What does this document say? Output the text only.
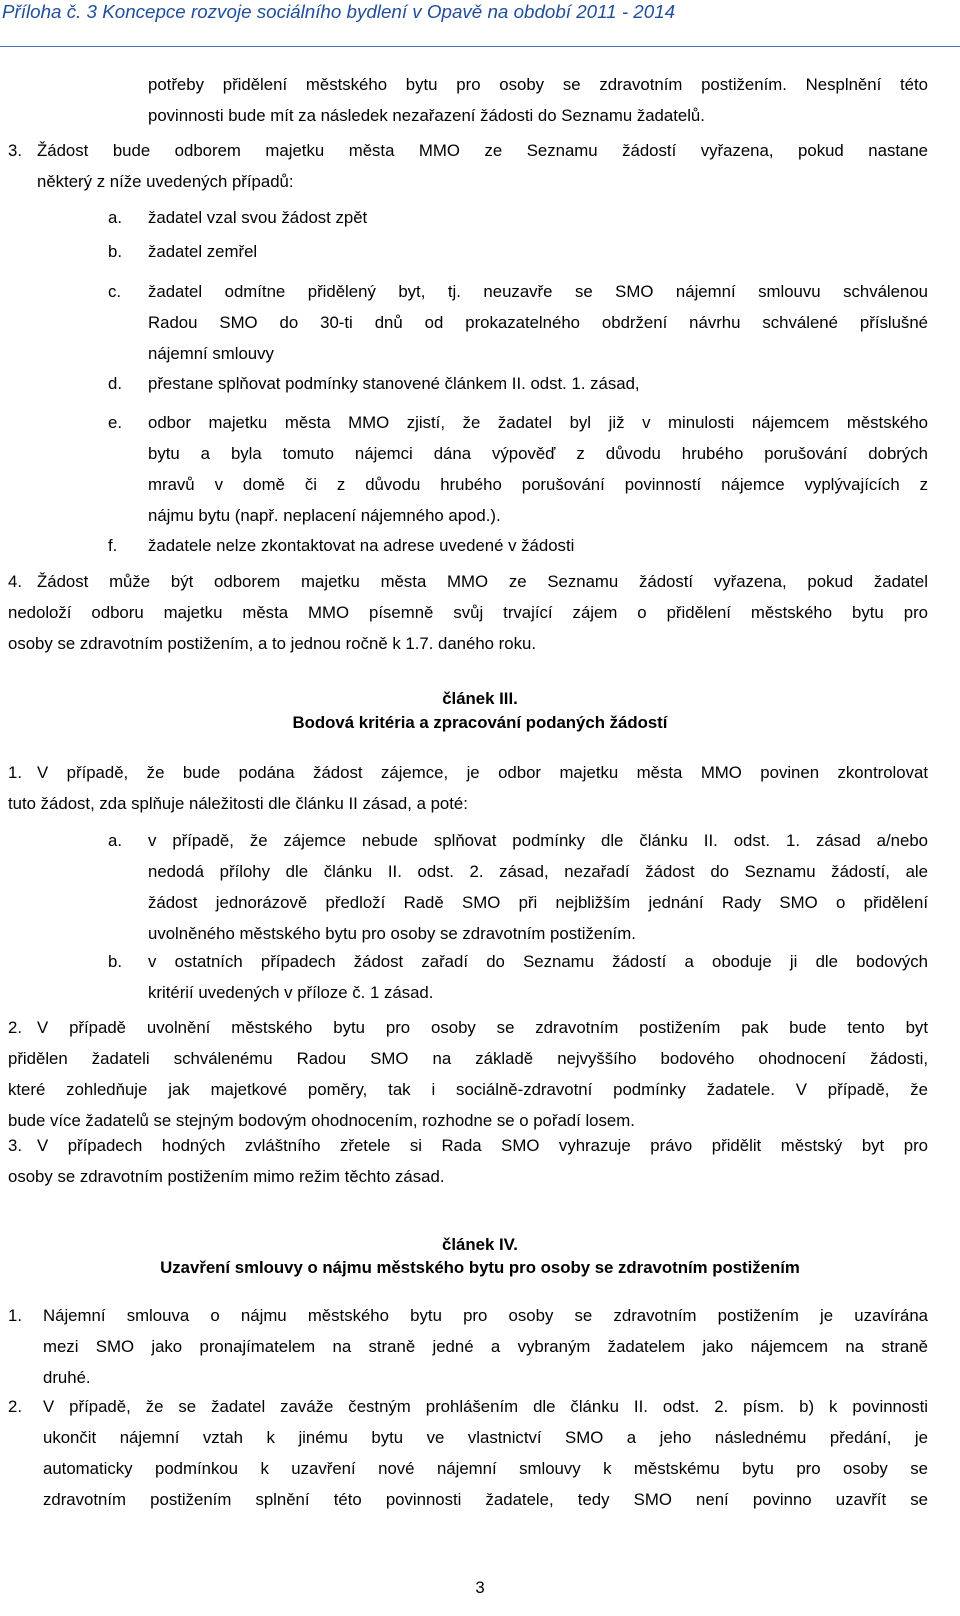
Příloha č. 3 Koncepce rozvoje sociálního bydlení v Opavě na období 2011 - 2014
potřeby přidělení městského bytu pro osoby se zdravotním postižením. Nesplnění této
povinnosti bude mít za následek nezařazení žádosti do Seznamu žadatelů.
3. Žádost bude odborem majetku města MMO ze Seznamu žádostí vyřazena, pokud nastane
některý z níže uvedených případů:
a. žadatel vzal svou žádost zpět
b. žadatel zemřel
c. žadatel odmítne přidělený byt, tj. neuzavře se SMO nájemní smlouvu schválenou
Radou SMO do 30-ti dnů od prokazatelného obdržení návrhu schválené příslušné
nájemní smlouvy
d. přestane splňovat podmínky stanovené článkem II. odst. 1. zásad,
e. odbor majetku města MMO zjistí, že žadatel byl již v minulosti nájemcem městského
bytu a byla tomuto nájemci dána výpověď z důvodu hrubého porušování dobrých
mravů v domě či z důvodu hrubého porušování povinností nájemce vyplývajících z
nájmu bytu (např. neplacení nájemného apod.).
f. žadatele nelze zkontaktovat na adrese uvedené v žádosti
4. Žádost může být odborem majetku města MMO ze Seznamu žádostí vyřazena, pokud žadatel
nedoloží odboru majetku města MMO písemně svůj trvající zájem o přidělení městského bytu pro
osoby se zdravotním postižením, a to jednou ročně k 1.7. daného roku.
článek III.
Bodová kritéria a zpracování podaných žádostí
1. V případě, že bude podána žádost zájemce, je odbor majetku města MMO povinen zkontrolovat
tuto žádost, zda splňuje náležitosti dle článku II zásad, a poté:
a. v případě, že zájemce nebude splňovat podmínky dle článku II. odst. 1. zásad a/nebo
nedodá přílohy dle článku II. odst. 2. zásad, nezařadí žádost do Seznamu žádostí, ale
žádost jednorázově předloží Radě SMO při nejbližším jednání Rady SMO o přidělení
uvolněného městského bytu pro osoby se zdravotním postižením.
b. v ostatních případech žádost zařadí do Seznamu žádostí a oboduje ji dle bodových
kritérií uvedených v příloze č. 1 zásad.
2. V případě uvolnění městského bytu pro osoby se zdravotním postižením pak bude tento byt
přidělen žadateli schválenému Radou SMO na základě nejvyššího bodového ohodnocení žádosti,
které zohledňuje jak majetkové poměry, tak i sociálně-zdravotní podmínky žadatele. V případě, že
bude více žadatelů se stejným bodovým ohodnocením, rozhodne se o pořadí losem.
3. V případech hodných zvláštního zřetele si Rada SMO vyhrazuje právo přidělit městský byt pro
osoby se zdravotním postižením mimo režim těchto zásad.
článek IV.
Uzavření smlouvy o nájmu městského bytu pro osoby se zdravotním postižením
1. Nájemní smlouva o nájmu městského bytu pro osoby se zdravotním postižením je uzavírána
mezi SMO jako pronajímatelem na straně jedné a vybraným žadatelem jako nájemcem na straně
druhé.
2. V případě, že se žadatel zaváže čestným prohlášením dle článku II. odst. 2. písm. b) k povinnosti
ukončit nájemní vztah k jinému bytu ve vlastnictví SMO a jeho následnému předání, je
automaticky podmínkou k uzavření nové nájemní smlouvy k městskému bytu pro osoby se
zdravotním postižením splnění této povinnosti žadatele, tedy SMO není povinno uzavřít se
3
